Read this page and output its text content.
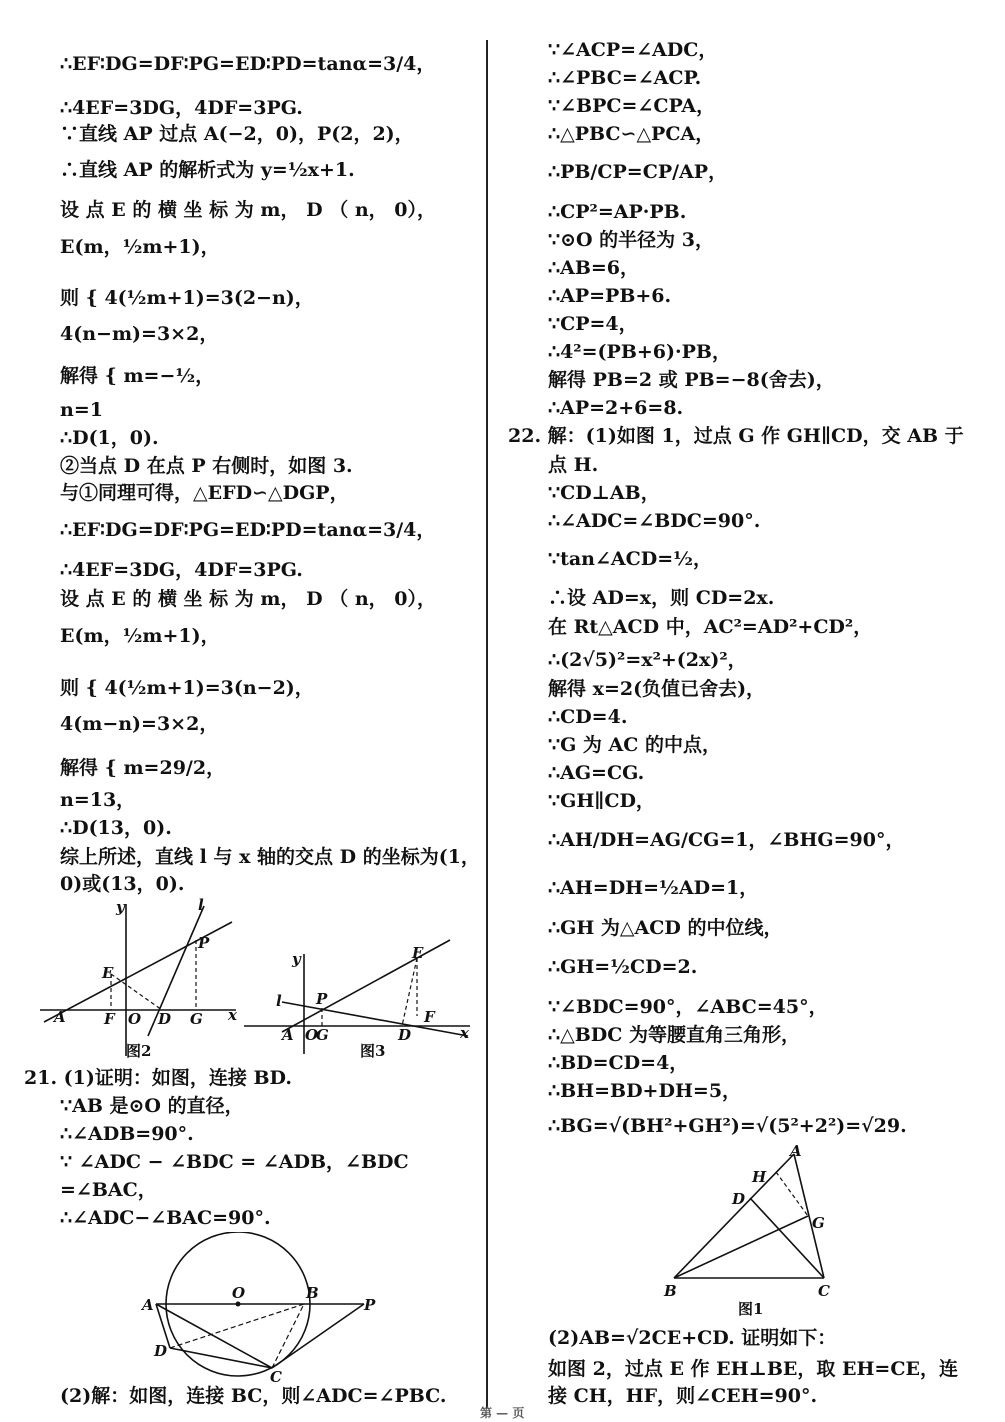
∴EF∶DG=DF∶PG=ED∶PD=tanα=3/4，
∴4EF=3DG，4DF=3PG.
∵直线 AP 过点 A(−2，0)，P(2，2)，
∴直线 AP 的解析式为 y=½x+1.
设 点 E 的 横 坐 标 为 m， D （ n， 0），
E(m，½m+1)，
则 { 4(½m+1)=3(2−n)，
4(n−m)=3×2，
解得 { m=−½，
n=1
∴D(1，0).
②当点 D 在点 P 右侧时，如图 3.
与①同理可得，△EFD∽△DGP，
∴EF∶DG=DF∶PG=ED∶PD=tanα=3/4，
∴4EF=3DG，4DF=3PG.
设 点 E 的 横 坐 标 为 m， D （ n， 0），
E(m，½m+1)，
则 { 4(½m+1)=3(n−2)，
4(m−n)=3×2，
解得 { m=29/2，
n=13，
∴D(13，0).
综上所述，直线 l 与 x 轴的交点 D 的坐标为(1，
0)或(13，0).
y	l
P
E
A	F O D G x
图2
y	E
l P
A O
G	D
F
x
图3
21. (1)证明：如图，连接 BD.
∵AB 是⊙O 的直径，
∴∠ADB=90°.
∵ ∠ADC − ∠BDC = ∠ADB，∠BDC
=∠BAC，
∴∠ADC−∠BAC=90°.
(2)解：如图，连接 BC，则∠ADC=∠PBC.
A
O	B
P
D
C
∵∠ACP=∠ADC，
∴∠PBC=∠ACP.
∵∠BPC=∠CPA，
∴△PBC∽△PCA，
∴PB/CP=CP/AP，
∴CP²=AP·PB.
∵⊙O 的半径为 3，
∴AB=6，
∴AP=PB+6.
∵CP=4，
∴4²=(PB+6)·PB，
解得 PB=2 或 PB=−8(舍去)，
∴AP=2+6=8.
22. 解：(1)如图 1，过点 G 作 GH∥CD，交 AB 于
点 H.
∵CD⊥AB，
∴∠ADC=∠BDC=90°.
∵tan∠ACD=½，
∴设 AD=x，则 CD=2x.
在 Rt△ACD 中，AC²=AD²+CD²，
∴(2√5)²=x²+(2x)²，
解得 x=2(负值已舍去)，
∴CD=4.
∵G 为 AC 的中点，
∴AG=CG.
∵GH∥CD，
∴AH/DH=AG/CG=1，∠BHG=90°，
∴AH=DH=½AD=1，
∴GH 为△ACD 的中位线，
∴GH=½CD=2.
∵∠BDC=90°，∠ABC=45°，
∴△BDC 为等腰直角三角形，
∴BD=CD=4，
∴BH=BD+DH=5，
∴BG=√(BH²+GH²)=√(5²+2²)=√29.
(2)AB=√2CE+CD. 证明如下：
如图 2，过点 E 作 EH⊥BE，取 EH=CE，连
接 CH，HF，则∠CEH=90°.
A
H
D
G
B	C
图1
第 — 页
